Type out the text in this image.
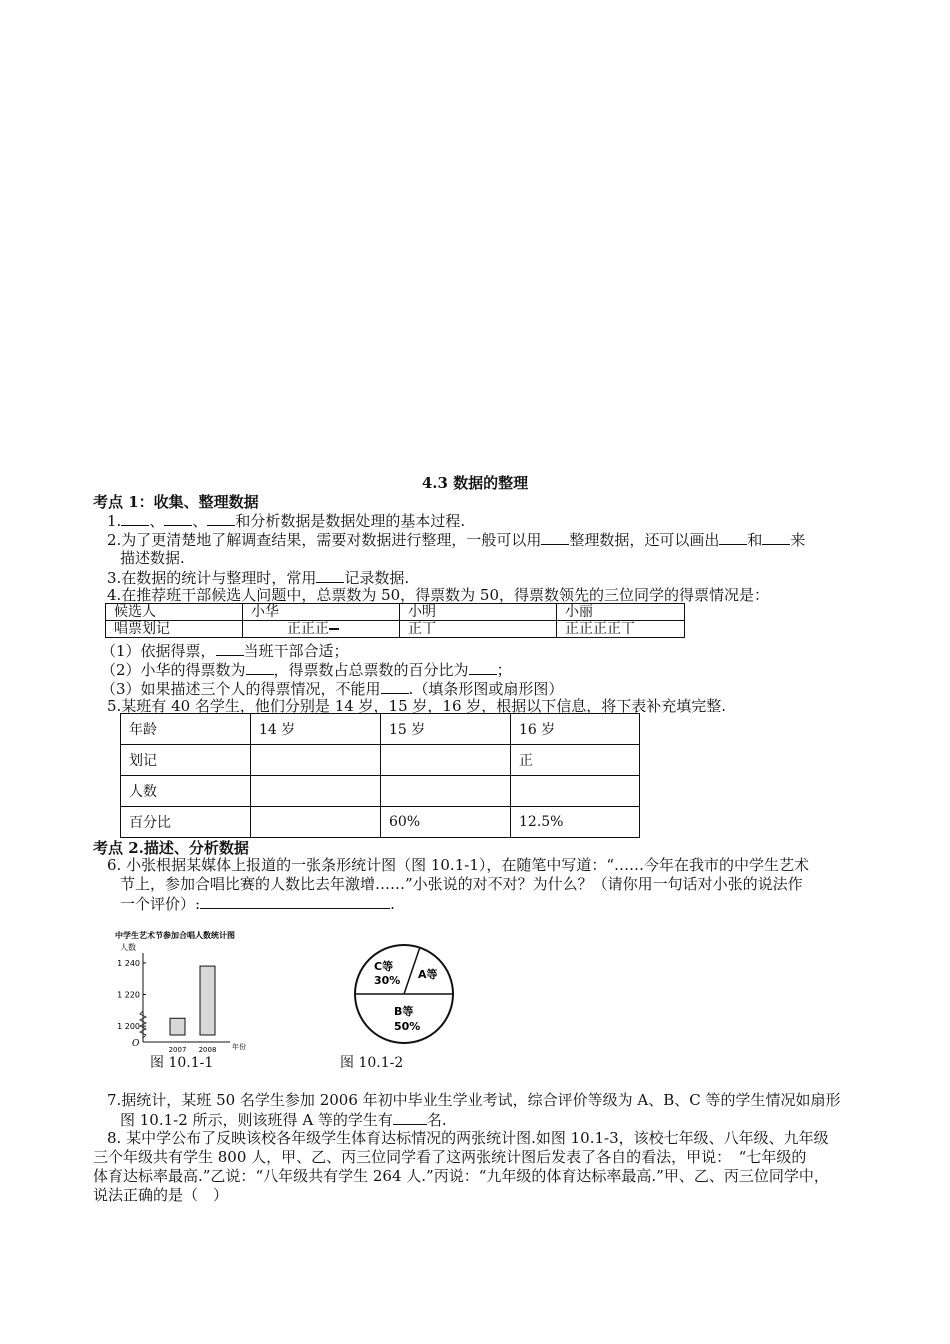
4.3 数据的整理
考点 1：收集、整理数据
1. 、 、 和分析数据是数据处理的基本过程.
2.为了更清楚地了解调查结果，需要对数据进行整理，一般可以用 整理数据，还可以画出 和 来
描述数据.
3.在数据的统计与整理时，常用 记录数据.
4.在推荐班干部候选人问题中，总票数为 50，得票数为 50，得票数领先的三位同学的得票情况是：
候选人	小华	小明	小丽
唱票划记	正正正	正丅	正正正正丅
（1）依据得票， 当班干部合适；
（2）小华的得票数为 ，得票数占总票数的百分比为 ；
（3）如果描述三个人的得票情况，不能用 .（填条形图或扇形图）
5.某班有 40 名学生，他们分别是 14 岁，15 岁，16 岁，根据以下信息，将下表补充填完整.
年龄	14 岁	15 岁	16 岁
划记			正
人数			
百分比		60%	12.5%
考点 2.描述、分析数据
6. 小张根据某媒体上报道的一张条形统计图（图 10.1-1），在随笔中写道：“……今年在我市的中学生艺术
节上，参加合唱比赛的人数比去年激增……”小张说的对不对？为什么？（请你用一句话对小张的说法作
一个评价）:	.
中学生艺术节参加合唱人数统计图
人数
O	年份
1 240
1 220
1 200
2007 2008
图 10.1-1
C等
30% A等
B等
50%
图 10.1-2
7.据统计，某班 50 名学生参加 2006 年初中毕业生学业考试，综合评价等级为 A、B、C 等的学生情况如扇形
图 10.1-2 所示，则该班得 A 等的学生有 名.
8. 某中学公布了反映该校各年级学生体育达标情况的两张统计图.如图 10.1-3，该校七年级、八年级、九年级
三个年级共有学生 800 人，甲、乙、丙三位同学看了这两张统计图后发表了各自的看法，甲说：　“七年级的
体育达标率最高.”乙说：“八年级共有学生 264 人.”丙说：“九年级的体育达标率最高.”甲、乙、丙三位同学中，
说法正确的是（　）
